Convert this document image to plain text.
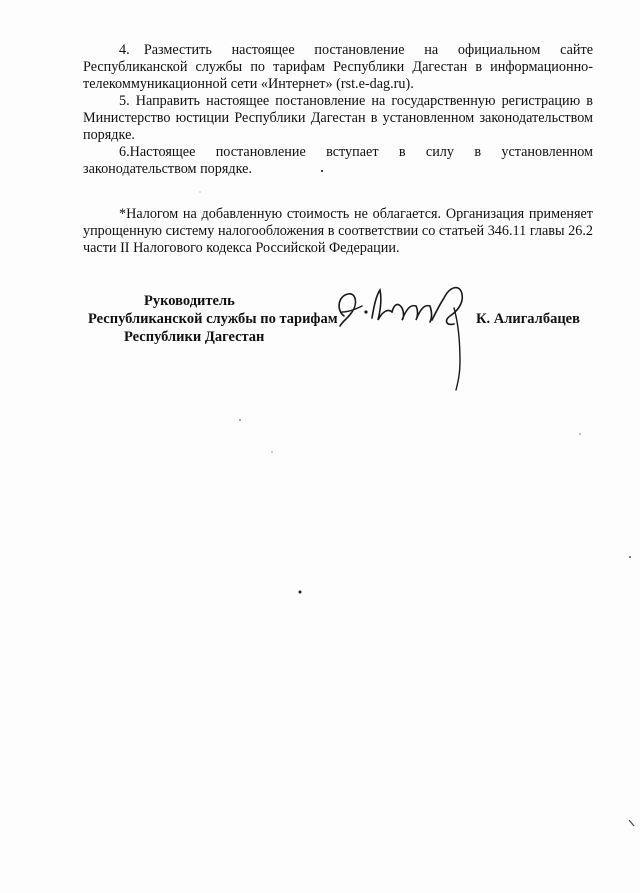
4. Разместить настоящее постановление на официальном сайте Республиканской службы по тарифам Республики Дагестан в информационно-телекоммуникационной сети «Интернет» (rst.e-dag.ru).

5. Направить настоящее постановление на государственную регистрацию в Министерство юстиции Республики Дагестан в установленном законодательством порядке.

6.Настоящее постановление вступает в силу в установленном законодательством порядке.

*Налогом на добавленную стоимость не облагается. Организация применяет упрощенную систему налогообложения в соответствии со статьей 346.11 главы 26.2 части II Налогового кодекса Российской Федерации.

Руководитель
Республиканской службы по тарифам
Республики Дагестан
К. Алигалбацев
